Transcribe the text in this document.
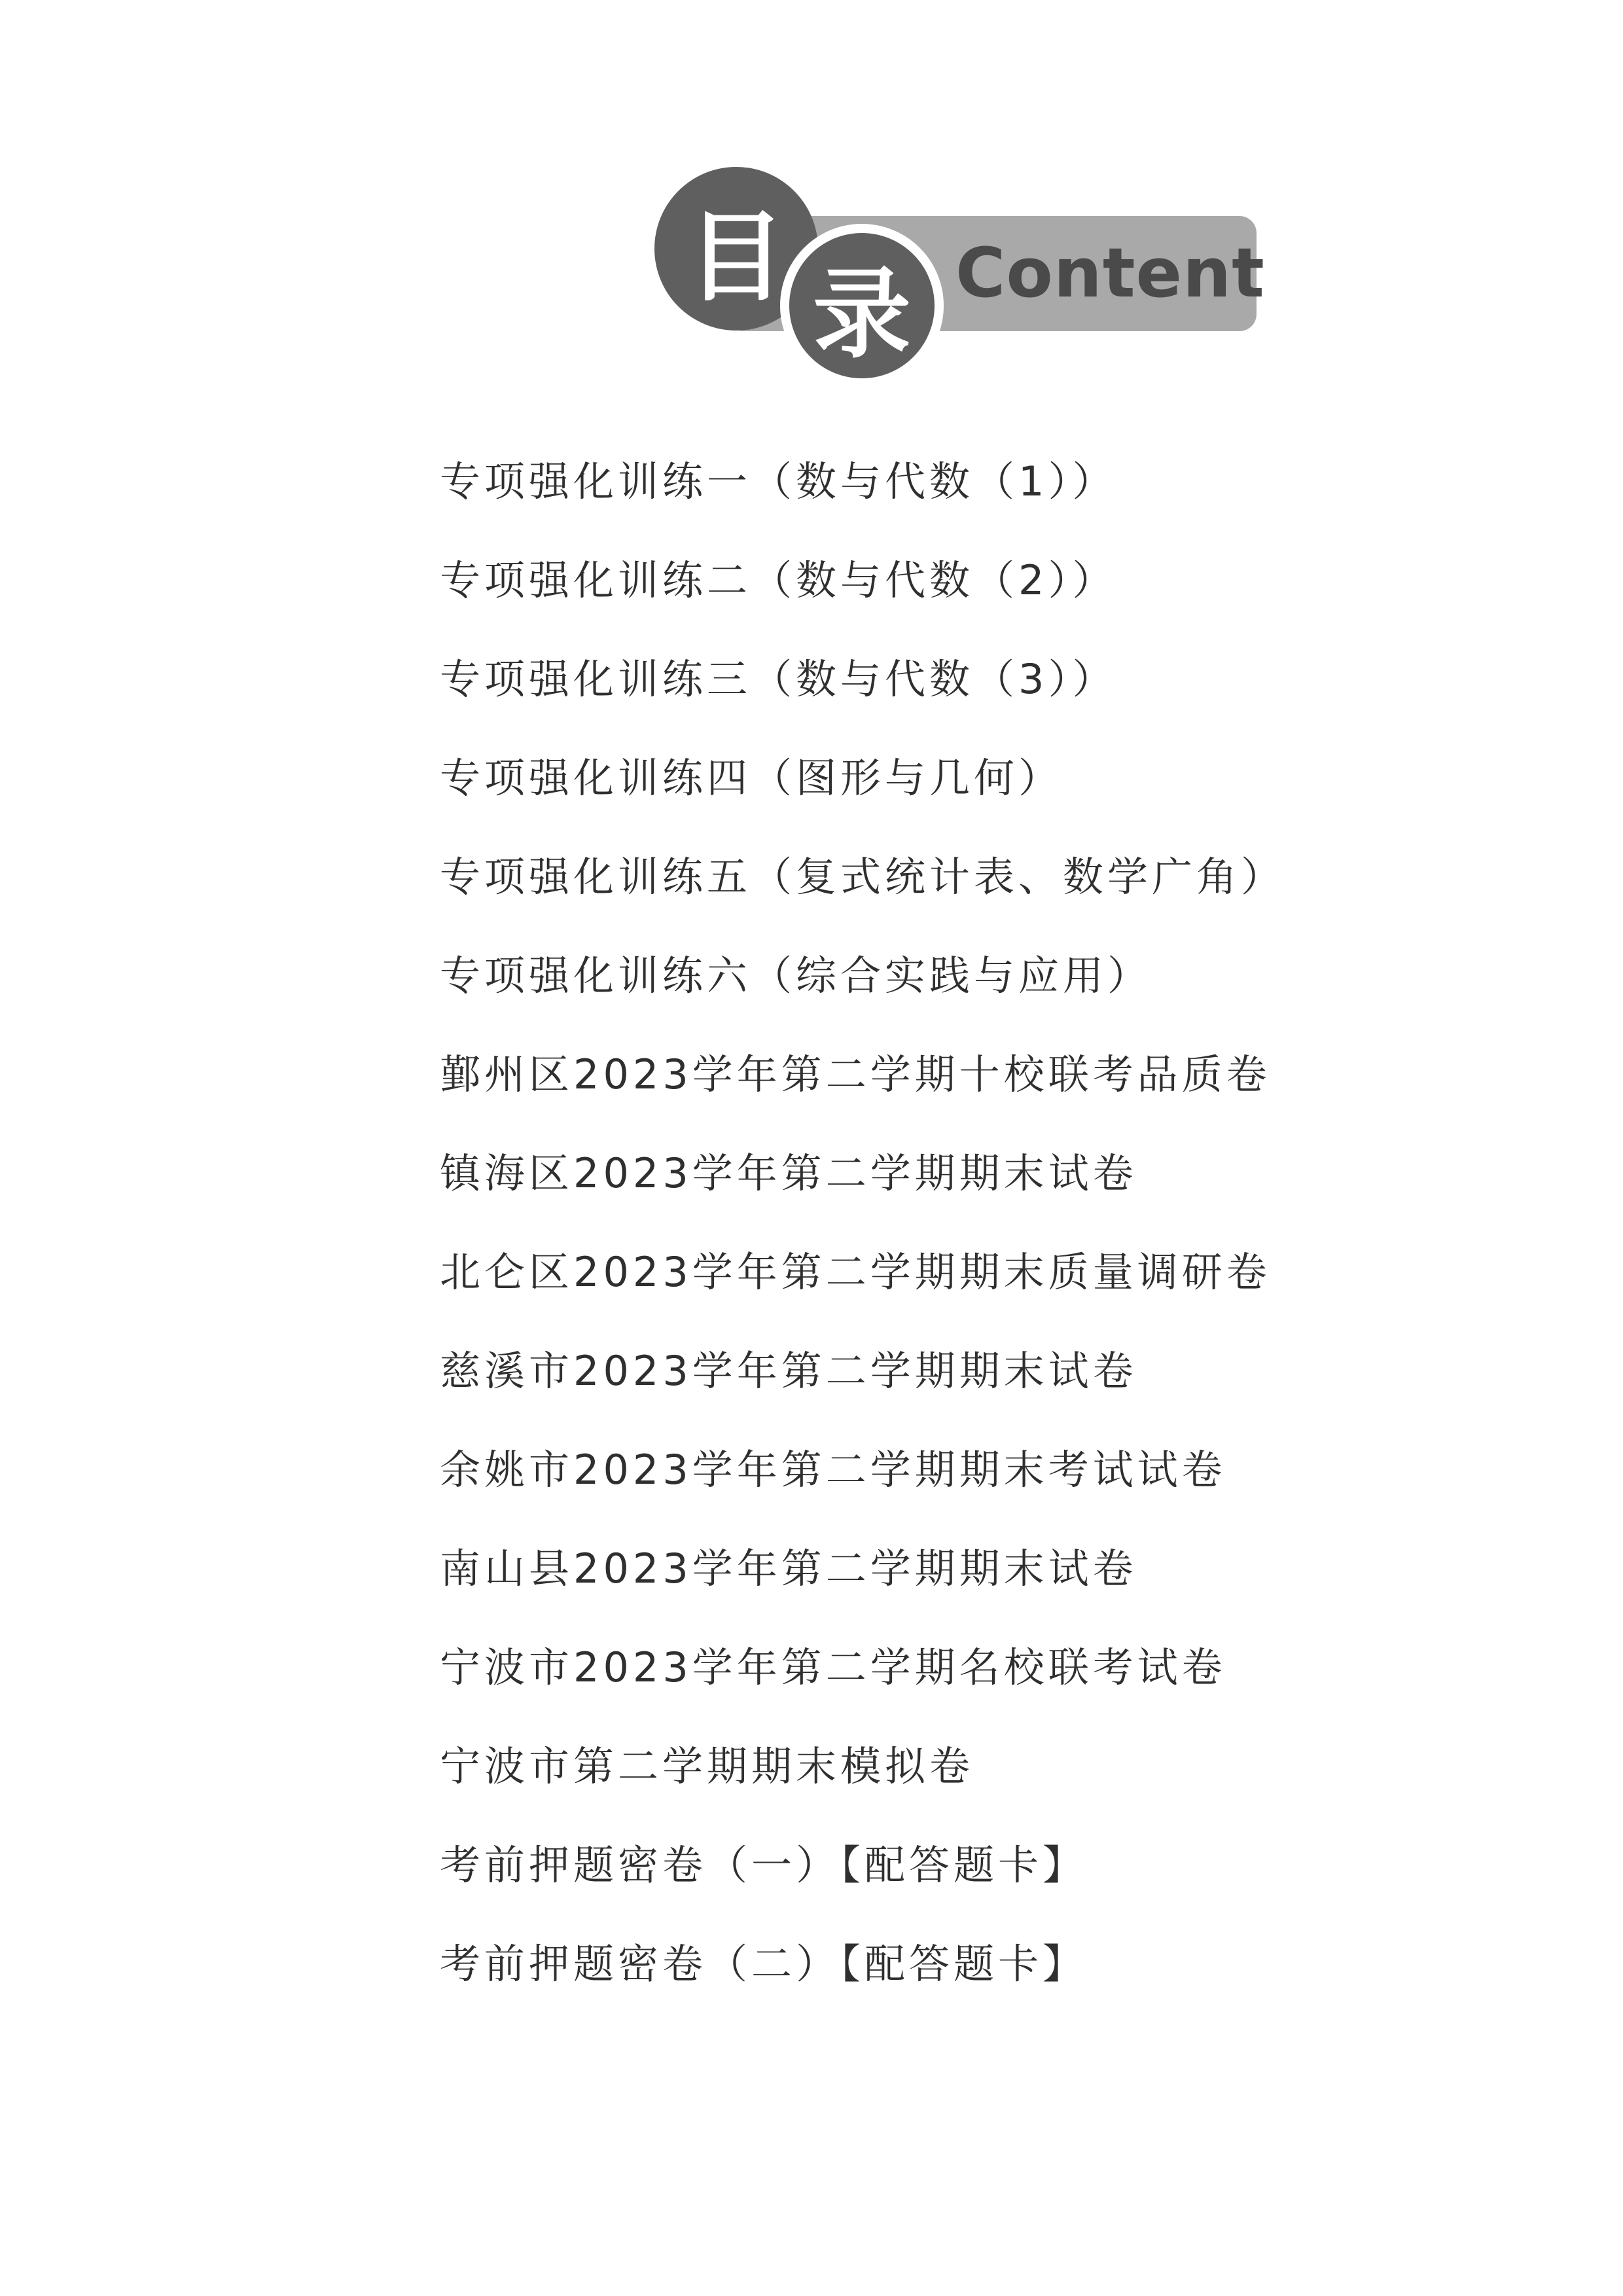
Content
目 录
专项强化训练一（数与代数（1））
专项强化训练二（数与代数（2））
专项强化训练三（数与代数（3））
专项强化训练四（图形与几何）
专项强化训练五（复式统计表、数学广角）
专项强化训练六（综合实践与应用）
鄞州区2023学年第二学期十校联考品质卷
镇海区2023学年第二学期期末试卷
北仑区2023学年第二学期期末质量调研卷
慈溪市2023学年第二学期期末试卷
余姚市2023学年第二学期期末考试试卷
南山县2023学年第二学期期末试卷
宁波市2023学年第二学期名校联考试卷
宁波市第二学期期末模拟卷
考前押题密卷（一）【配答题卡】
考前押题密卷（二）【配答题卡】
